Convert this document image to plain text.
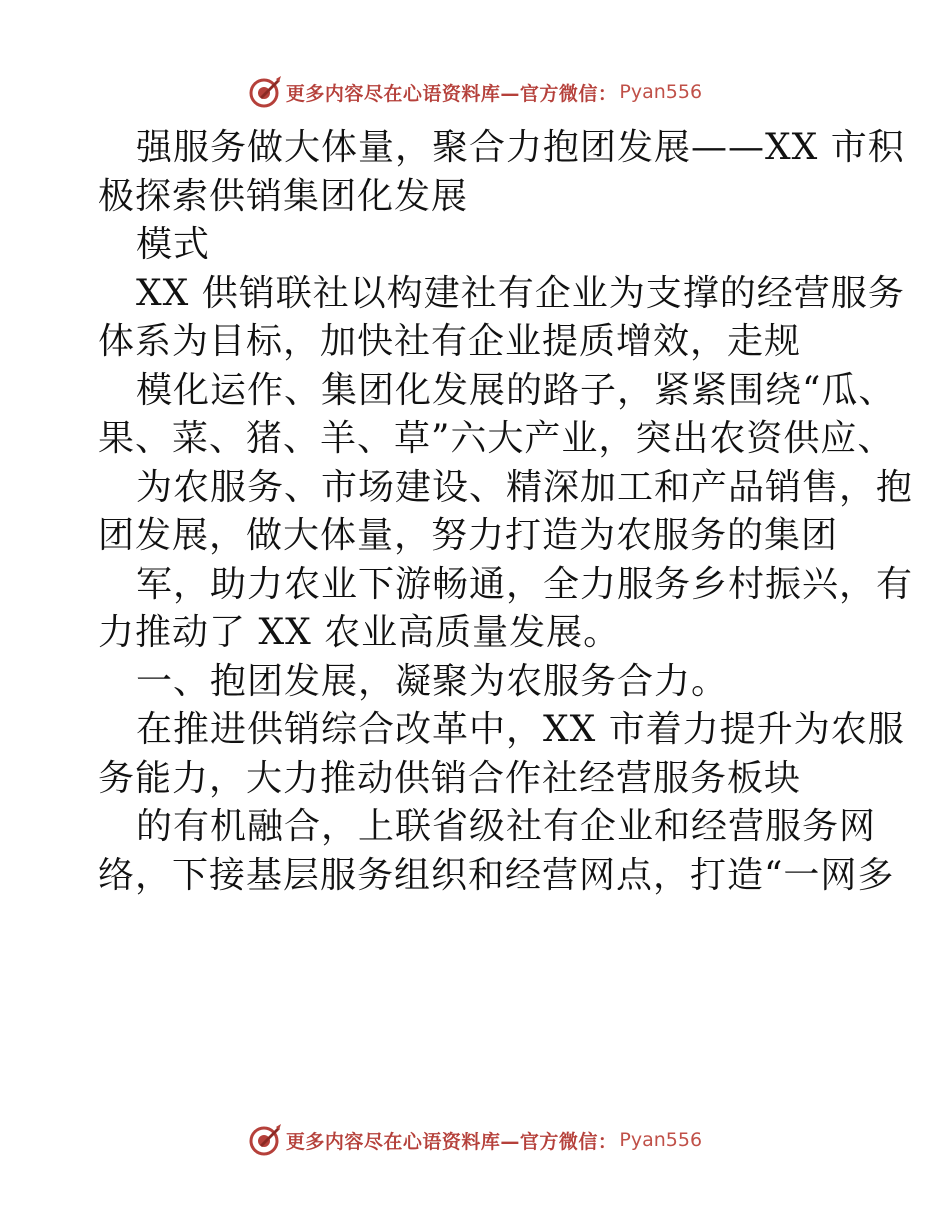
更多内容尽在心语资料库—官方微信： Pyan556
强服务做大体量，聚合力抱团发展——XX 市积
极探索供销集团化发展
模式
XX 供销联社以构建社有企业为支撑的经营服务
体系为目标，加快社有企业提质增效，走规
模化运作、集团化发展的路子，紧紧围绕“瓜、
果、菜、猪、羊、草”六大产业，突出农资供应、
为农服务、市场建设、精深加工和产品销售，抱
团发展，做大体量，努力打造为农服务的集团
军，助力农业下游畅通，全力服务乡村振兴，有
力推动了 XX 农业高质量发展。
一、抱团发展，凝聚为农服务合力。
在推进供销综合改革中，XX 市着力提升为农服
务能力，大力推动供销合作社经营服务板块
的有机融合，上联省级社有企业和经营服务网
络，下接基层服务组织和经营网点，打造“一网多
更多内容尽在心语资料库—官方微信： Pyan556
